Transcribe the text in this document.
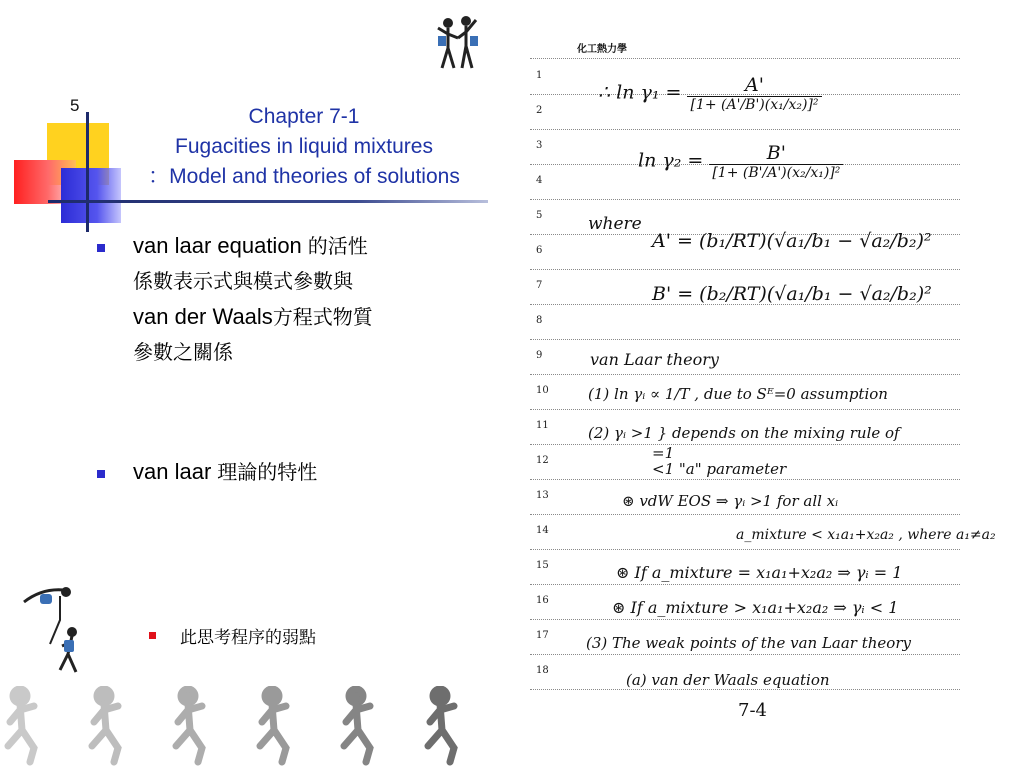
5	Chapter 7-1
Fugacities in liquid mixtures
：Model and theories of solutions
van laar equation 的活性
係數表示式與模式參數與
van der Waals方程式物質
參數之關係
van laar 理論的特性
此思考程序的弱點
化工熱力學
1
2
3
4
5
6
7
8
9
10
11
12
13
14
15
16
17
18
∴ $\ln \gamma_1 = \frac{A'}{\text{[1+ (A'/B')(x₁/x₂)]²}}$
$\ln \gamma_2 = \frac{B'}{\text{[1+ (B'/A')(x₂/x₁)]²}}$
where
A' = (b₁/RT)(√a₁/b₁ − √a₂/b₂)²
B' = (b₂/RT)(√a₁/b₁ − √a₂/b₂)²
van Laar theory
(1) ln γᵢ ∝ 1/T , due to Sᴱ=0 assumption
(2) γᵢ >1 } depends on the mixing rule of
=1
<1 "a" parameter
⊛ vdW EOS ⇒ γᵢ >1 for all xᵢ
a_mixture < x₁a₁+x₂a₂ , where a₁≠a₂
⊛ If a_mixture = x₁a₁+x₂a₂ ⇒ γᵢ = 1
⊛ If a_mixture > x₁a₁+x₂a₂ ⇒ γᵢ < 1
(3) The weak points of the van Laar theory
(a) van der Waals equation
7-4
